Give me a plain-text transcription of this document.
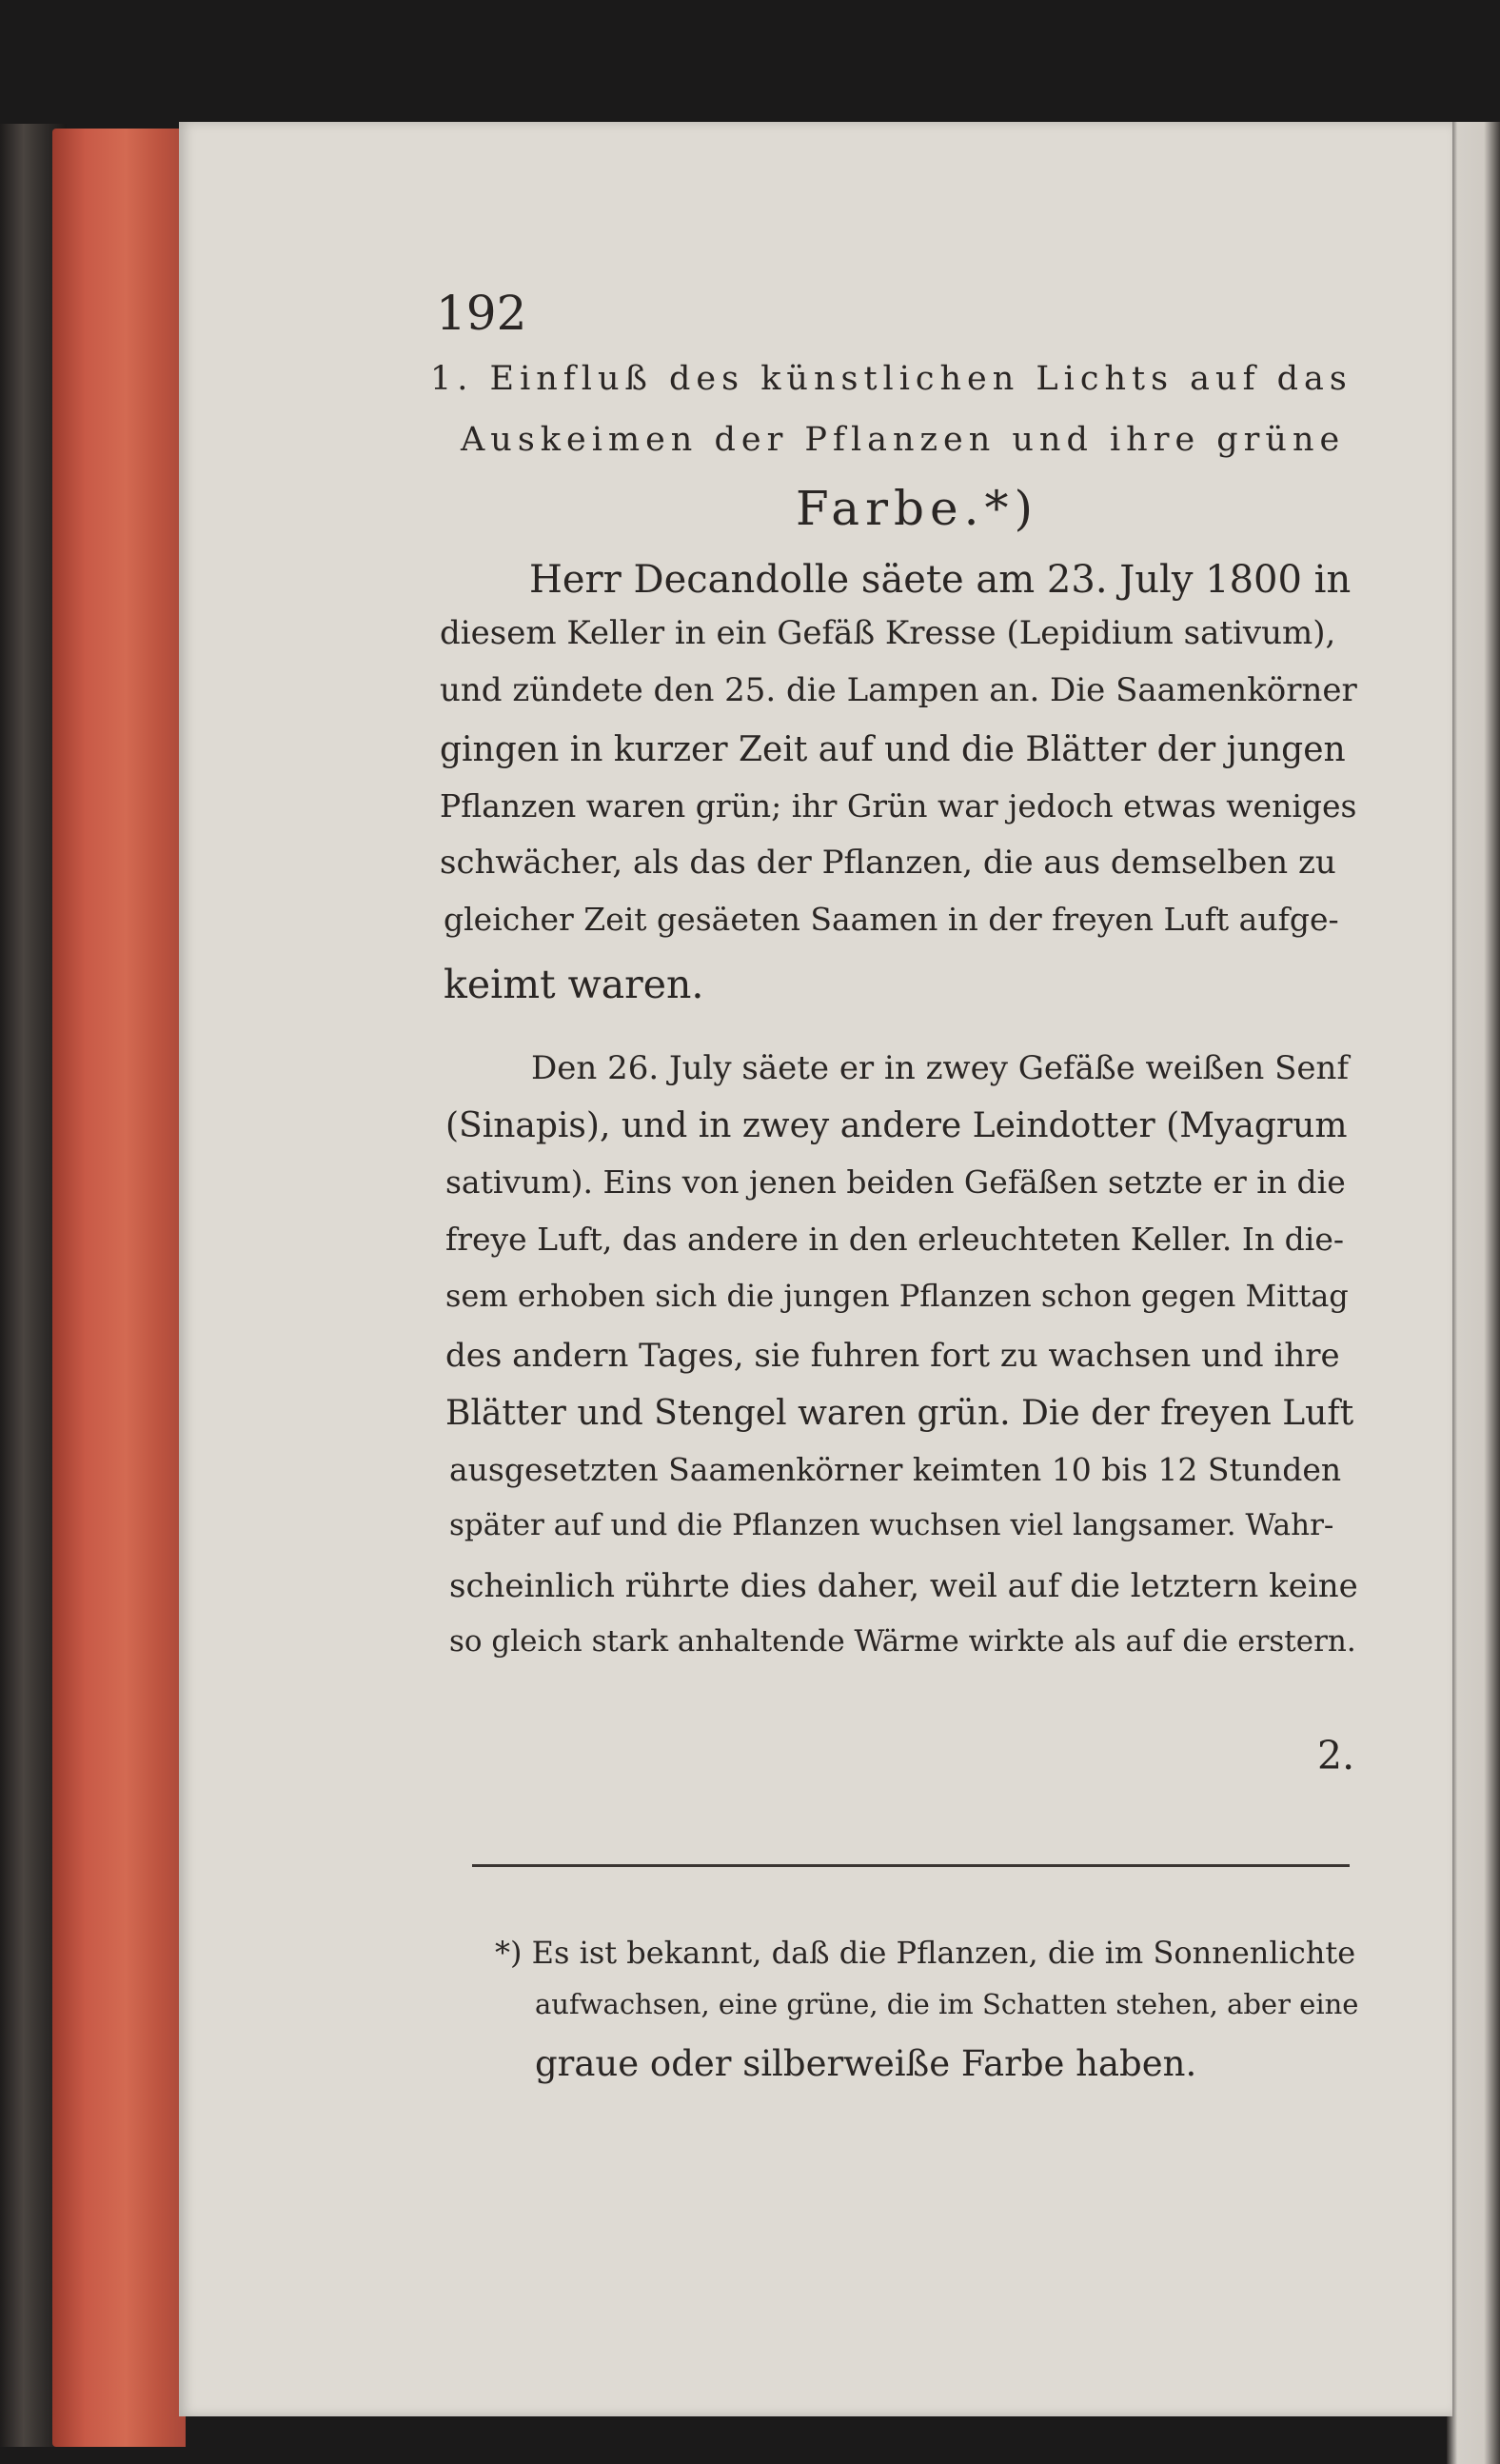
192
1. Einfluß des künstlichen Lichts auf das
Auskeimen der Pflanzen und ihre grüne
Farbe.*)
Herr Decandolle säete am 23. July 1800 in
diesem Keller in ein Gefäß Kresse (Lepidium sativum),
und zündete den 25. die Lampen an. Die Saamenkörner
gingen in kurzer Zeit auf und die Blätter der jungen
Pflanzen waren grün; ihr Grün war jedoch etwas weniges
schwächer, als das der Pflanzen, die aus demselben zu
gleicher Zeit gesäeten Saamen in der freyen Luft aufge-
keimt waren.
Den 26. July säete er in zwey Gefäße weißen Senf
(Sinapis), und in zwey andere Leindotter (Myagrum
sativum). Eins von jenen beiden Gefäßen setzte er in die
freye Luft, das andere in den erleuchteten Keller. In die-
sem erhoben sich die jungen Pflanzen schon gegen Mittag
des andern Tages, sie fuhren fort zu wachsen und ihre
Blätter und Stengel waren grün. Die der freyen Luft
ausgesetzten Saamenkörner keimten 10 bis 12 Stunden
später auf und die Pflanzen wuchsen viel langsamer. Wahr-
scheinlich rührte dies daher, weil auf die letztern keine
so gleich stark anhaltende Wärme wirkte als auf die erstern.
2.
*) Es ist bekannt, daß die Pflanzen, die im Sonnenlichte
aufwachsen, eine grüne, die im Schatten stehen, aber eine
graue oder silberweiße Farbe haben.
